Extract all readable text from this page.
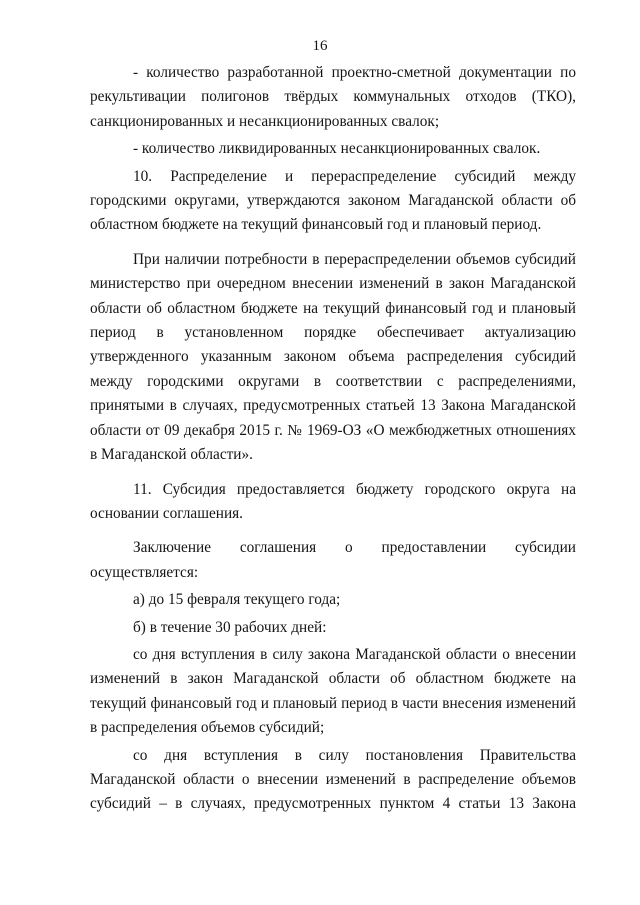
16

- количество разработанной проектно-сметной документации по рекультивации полигонов твёрдых коммунальных отходов (ТКО), санкционированных и несанкционированных свалок;

- количество ликвидированных несанкционированных свалок.

10. Распределение и перераспределение субсидий между городскими округами, утверждаются законом Магаданской области об областном бюджете на текущий финансовый год и плановый период.

При наличии потребности в перераспределении объемов субсидий министерство при очередном внесении изменений в закон Магаданской области об областном бюджете на текущий финансовый год и плановый период в установленном порядке обеспечивает актуализацию утвержденного указанным законом объема распределения субсидий между городскими округами в соответствии с распределениями, принятыми в случаях, предусмотренных статьей 13 Закона Магаданской области от 09 декабря 2015 г. № 1969-ОЗ «О межбюджетных отношениях в Магаданской области».

11. Субсидия предоставляется бюджету городского округа на основании соглашения.

Заключение соглашения о предоставлении субсидии осуществляется:

а) до 15 февраля текущего года;

б) в течение 30 рабочих дней:

со дня вступления в силу закона Магаданской области о внесении изменений в закон Магаданской области об областном бюджете на текущий финансовый год и плановый период в части внесения изменений в распределения объемов субсидий;

со дня вступления в силу постановления Правительства Магаданской области о внесении изменений в распределение объемов субсидий – в случаях, предусмотренных пунктом 4 статьи 13 Закона
